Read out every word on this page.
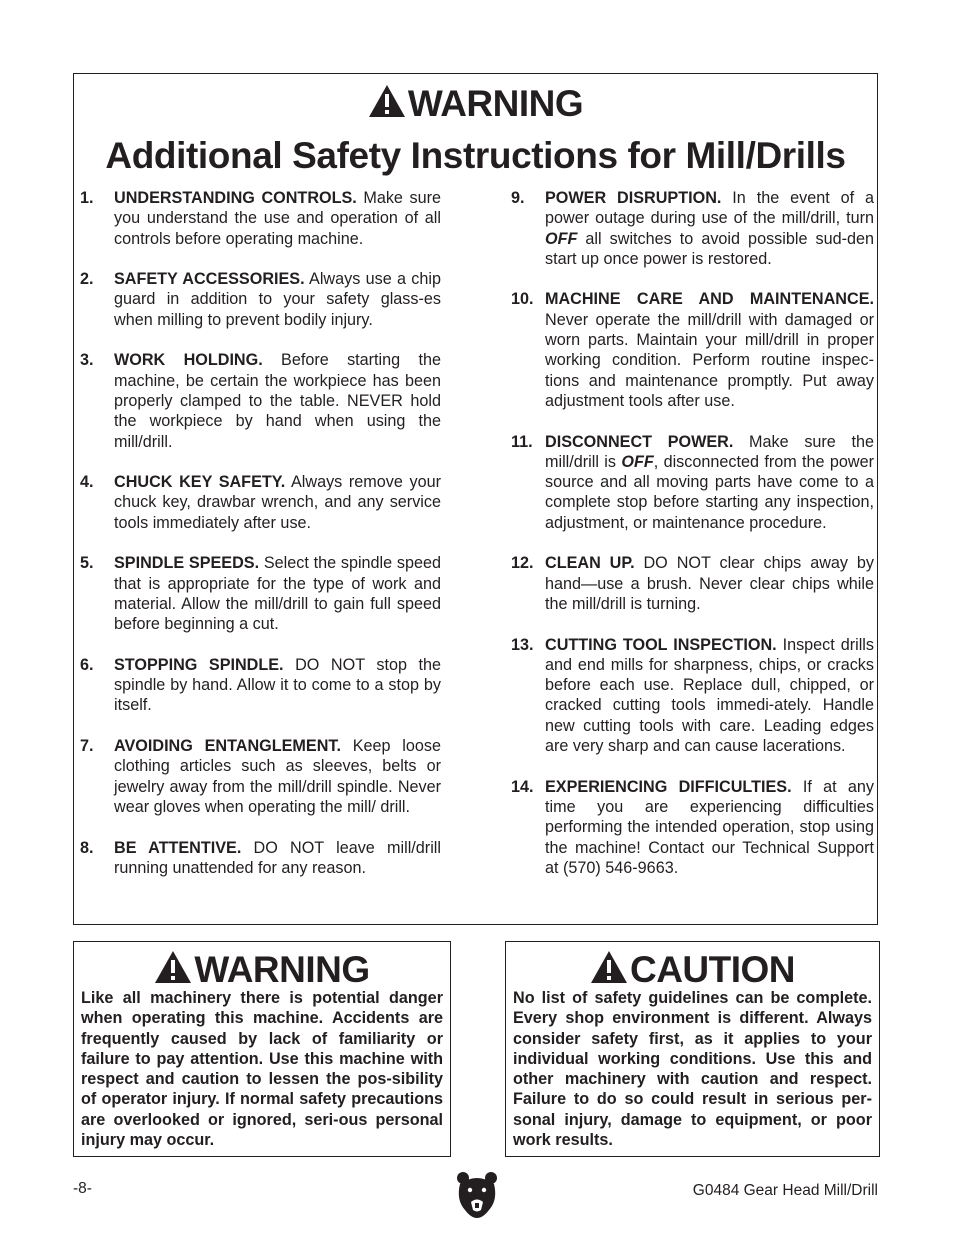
WARNING
Additional Safety Instructions for Mill/Drills
1. UNDERSTANDING CONTROLS. Make sure you understand the use and operation of all controls before operating machine.
2. SAFETY ACCESSORIES. Always use a chip guard in addition to your safety glass-es when milling to prevent bodily injury.
3. WORK HOLDING. Before starting the machine, be certain the workpiece has been properly clamped to the table. NEVER hold the workpiece by hand when using the mill/drill.
4. CHUCK KEY SAFETY. Always remove your chuck key, drawbar wrench, and any service tools immediately after use.
5. SPINDLE SPEEDS. Select the spindle speed that is appropriate for the type of work and material. Allow the mill/drill to gain full speed before beginning a cut.
6. STOPPING SPINDLE. DO NOT stop the spindle by hand. Allow it to come to a stop by itself.
7. AVOIDING ENTANGLEMENT. Keep loose clothing articles such as sleeves, belts or jewelry away from the mill/drill spindle. Never wear gloves when operating the mill/ drill.
8. BE ATTENTIVE. DO NOT leave mill/drill running unattended for any reason.
9. POWER DISRUPTION. In the event of a power outage during use of the mill/drill, turn OFF all switches to avoid possible sud-den start up once power is restored.
10. MACHINE CARE AND MAINTENANCE. Never operate the mill/drill with damaged or worn parts. Maintain your mill/drill in proper working condition. Perform routine inspec-tions and maintenance promptly. Put away adjustment tools after use.
11. DISCONNECT POWER. Make sure the mill/drill is OFF, disconnected from the power source and all moving parts have come to a complete stop before starting any inspection, adjustment, or maintenance procedure.
12. CLEAN UP. DO NOT clear chips away by hand—use a brush. Never clear chips while the mill/drill is turning.
13. CUTTING TOOL INSPECTION. Inspect drills and end mills for sharpness, chips, or cracks before each use. Replace dull, chipped, or cracked cutting tools immedi-ately. Handle new cutting tools with care. Leading edges are very sharp and can cause lacerations.
14. EXPERIENCING DIFFICULTIES. If at any time you are experiencing difficulties performing the intended operation, stop using the machine! Contact our Technical Support at (570) 546-9663.
WARNING
Like all machinery there is potential danger when operating this machine. Accidents are frequently caused by lack of familiarity or failure to pay attention. Use this machine with respect and caution to lessen the pos-sibility of operator injury. If normal safety precautions are overlooked or ignored, seri-ous personal injury may occur.
CAUTION
No list of safety guidelines can be complete. Every shop environment is different. Always consider safety first, as it applies to your individual working conditions. Use this and other machinery with caution and respect. Failure to do so could result in serious per-sonal injury, damage to equipment, or poor work results.
-8-	G0484 Gear Head Mill/Drill
